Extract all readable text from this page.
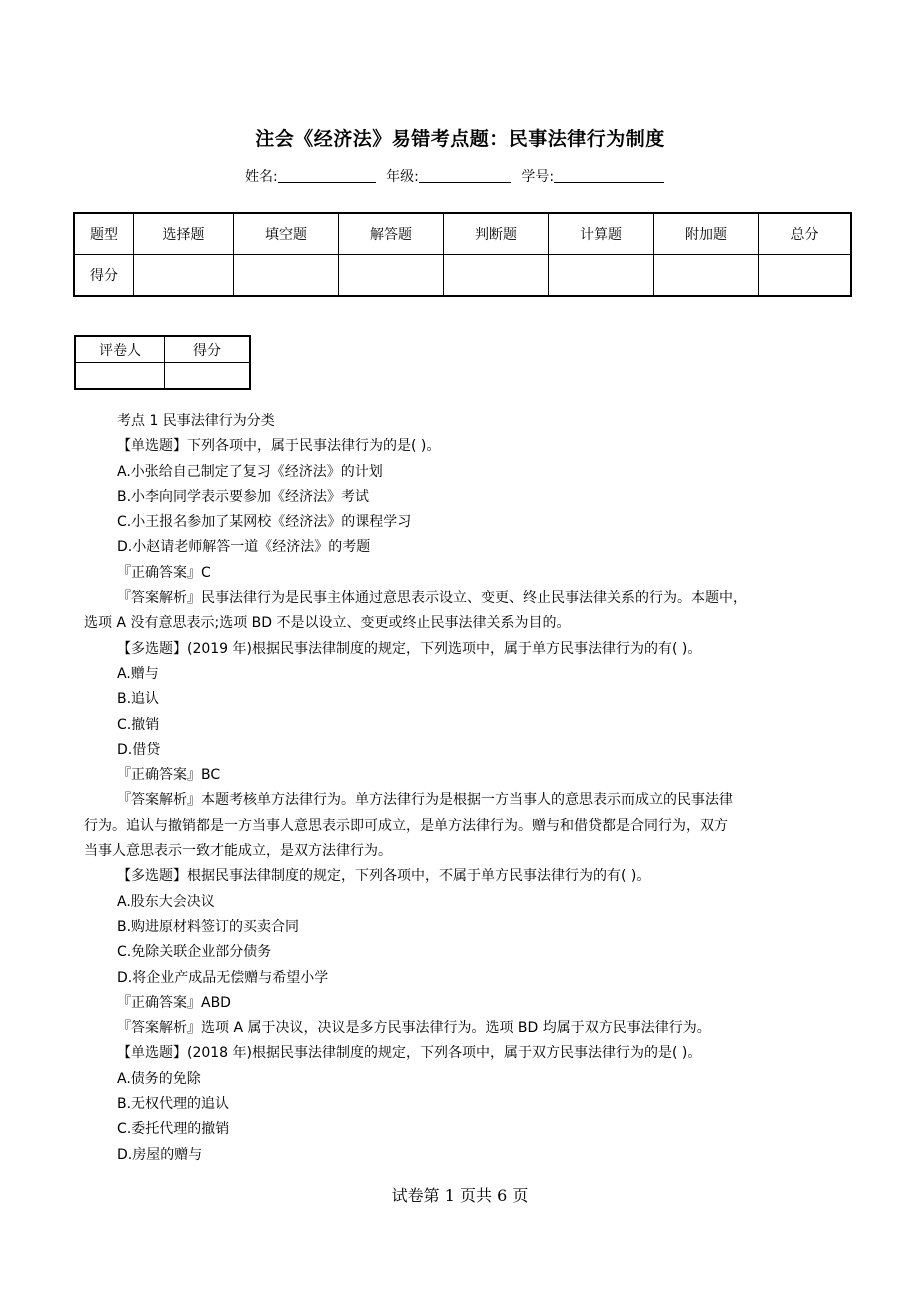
注会《经济法》易错考点题：民事法律行为制度
姓名:	年级:	学号:
题型	选择题	填空题	解答题	判断题	计算题	附加题	总分
得分							
评卷人	得分

考点 1 民事法律行为分类

【单选题】下列各项中，属于民事法律行为的是( )。

A.小张给自己制定了复习《经济法》的计划

B.小李向同学表示要参加《经济法》考试

C.小王报名参加了某网校《经济法》的课程学习

D.小赵请老师解答一道《经济法》的考题

『正确答案』C

『答案解析』民事法律行为是民事主体通过意思表示设立、变更、终止民事法律关系的行为。本题中，

选项 A 没有意思表示;选项 BD 不是以设立、变更或终止民事法律关系为目的。

【多选题】(2019 年)根据民事法律制度的规定，下列选项中，属于单方民事法律行为的有( )。

A.赠与

B.追认

C.撤销

D.借贷

『正确答案』BC

『答案解析』本题考核单方法律行为。单方法律行为是根据一方当事人的意思表示而成立的民事法律

行为。追认与撤销都是一方当事人意思表示即可成立，是单方法律行为。赠与和借贷都是合同行为，双方

当事人意思表示一致才能成立，是双方法律行为。

【多选题】根据民事法律制度的规定，下列各项中，不属于单方民事法律行为的有( )。

A.股东大会决议

B.购进原材料签订的买卖合同

C.免除关联企业部分债务

D.将企业产成品无偿赠与希望小学

『正确答案』ABD

『答案解析』选项 A 属于决议，决议是多方民事法律行为。选项 BD 均属于双方民事法律行为。

【单选题】(2018 年)根据民事法律制度的规定，下列各项中，属于双方民事法律行为的是( )。

A.债务的免除

B.无权代理的追认

C.委托代理的撤销

D.房屋的赠与

试卷第 1 页共 6 页
